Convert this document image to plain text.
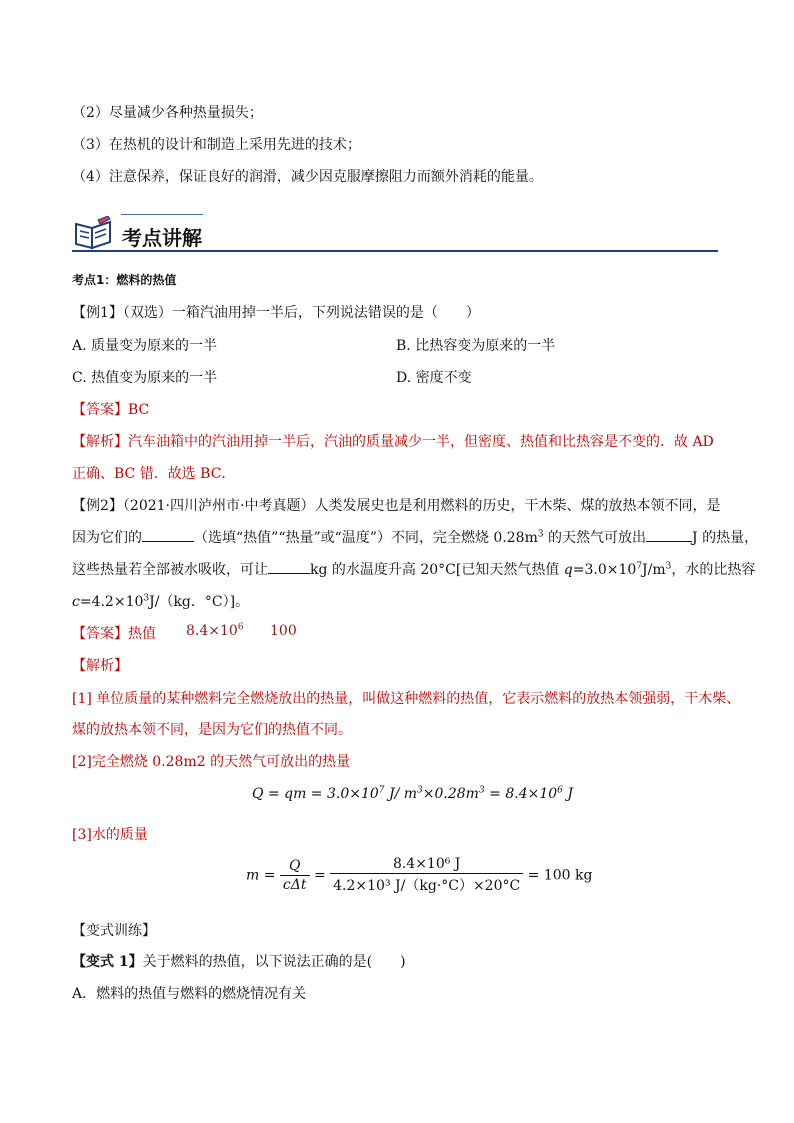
（2）尽量减少各种热量损失；
（3）在热机的设计和制造上采用先进的技术；
（4）注意保养，保证良好的润滑，减少因克服摩擦阻力而额外消耗的能量。
考点讲解
考点1：燃料的热值
【例1】（双选）一箱汽油用掉一半后，下列说法错误的是（　　）
A. 质量变为原来的一半	B. 比热容变为原来的一半
C. 热值变为原来的一半	D. 密度不变
【答案】BC
【解析】汽车油箱中的汽油用掉一半后，汽油的质量减少一半，但密度、热值和比热容是不变的．故 AD
正确、BC 错．故选 BC．
【例2】（2021·四川泸州市·中考真题）人类发展史也是利用燃料的历史，干木柴、煤的放热本领不同，是
因为它们的	（选填“热值”“热量”或“温度”）不同，完全燃烧 $0.28m^3$ 的天然气可放出	J 的热量，
这些热量若全部被水吸收，可让	kg 的水温度升高 20°C[已知天然气热值 $q=3.0\times 10^7J/m^3$，水的比热容
$c=4.2\times 10^3J/(kg$．°C）]。
【答案】热值 $8.4\times 10^6$ 100
【解析】
[1] 单位质量的某种燃料完全燃烧放出的热量，叫做这种燃料的热值，它表示燃料的放热本领强弱，干木柴、
煤的放热本领不同，是因为它们的热值不同。
[2]完全燃烧 0.28m2 的天然气可放出的热量
Q = qm = $3.0\times 10^7$ J/ $m^3\times 0.28m^3 = 8.4\times 10^6$ J
[3]水的质量
$m = \frac{Q}{\text{cΔt}} = \frac{\text{8.4×10⁶ J}}{\text{4.2×10³ J/（kg·°C）×20°C}} = 100$ kg
【变式训练】
【变式 1】关于燃料的热值，以下说法正确的是(　　)
A．燃料的热值与燃料的燃烧情况有关
